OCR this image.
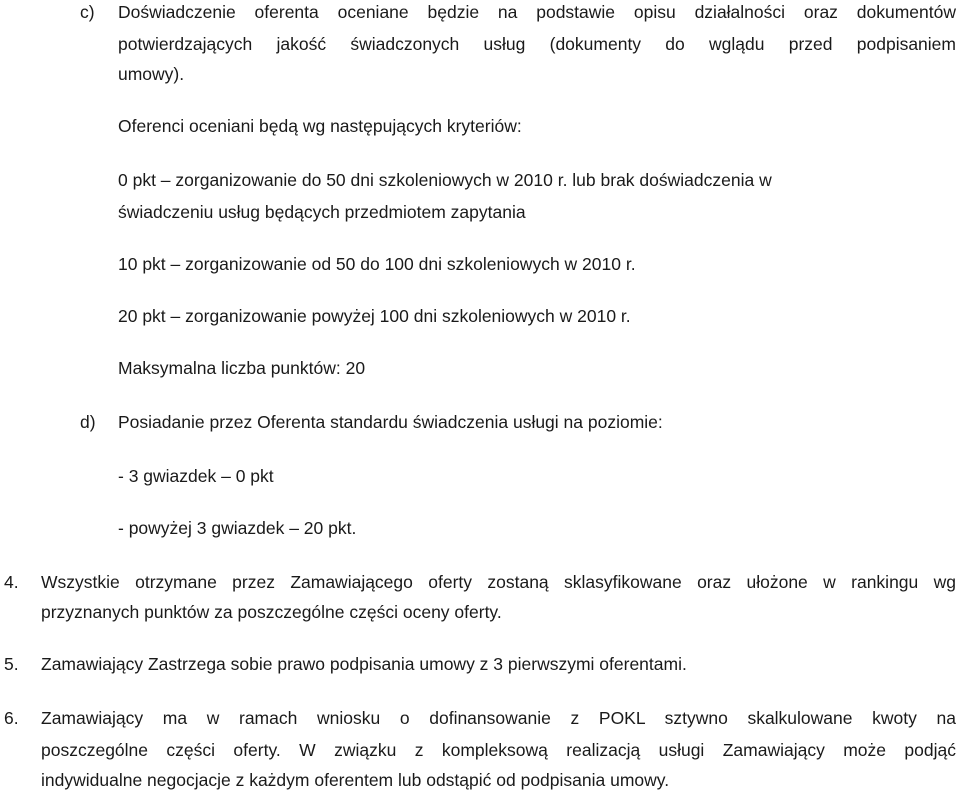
c) Doświadczenie oferenta oceniane będzie na podstawie opisu działalności oraz dokumentów
potwierdzających jakość świadczonych usług (dokumenty do wglądu przed podpisaniem
umowy).
Oferenci oceniani będą wg następujących kryteriów:
0 pkt – zorganizowanie do 50 dni szkoleniowych w 2010 r. lub brak doświadczenia w
świadczeniu usług będących przedmiotem zapytania
10 pkt – zorganizowanie od 50 do 100 dni szkoleniowych w 2010 r.
20 pkt – zorganizowanie powyżej 100 dni szkoleniowych w 2010 r.
Maksymalna liczba punktów: 20
d) Posiadanie przez Oferenta standardu świadczenia usługi na poziomie:
- 3 gwiazdek – 0 pkt
- powyżej 3 gwiazdek – 20 pkt.
4. Wszystkie otrzymane przez Zamawiającego oferty zostaną sklasyfikowane oraz ułożone w rankingu wg
przyznanych punktów za poszczególne części oceny oferty.
5. Zamawiający Zastrzega sobie prawo podpisania umowy z 3 pierwszymi oferentami.
6. Zamawiający ma w ramach wniosku o dofinansowanie z POKL sztywno skalkulowane kwoty na
poszczególne części oferty. W związku z kompleksową realizacją usługi Zamawiający może podjąć
indywidualne negocjacje z każdym oferentem lub odstąpić od podpisania umowy.
